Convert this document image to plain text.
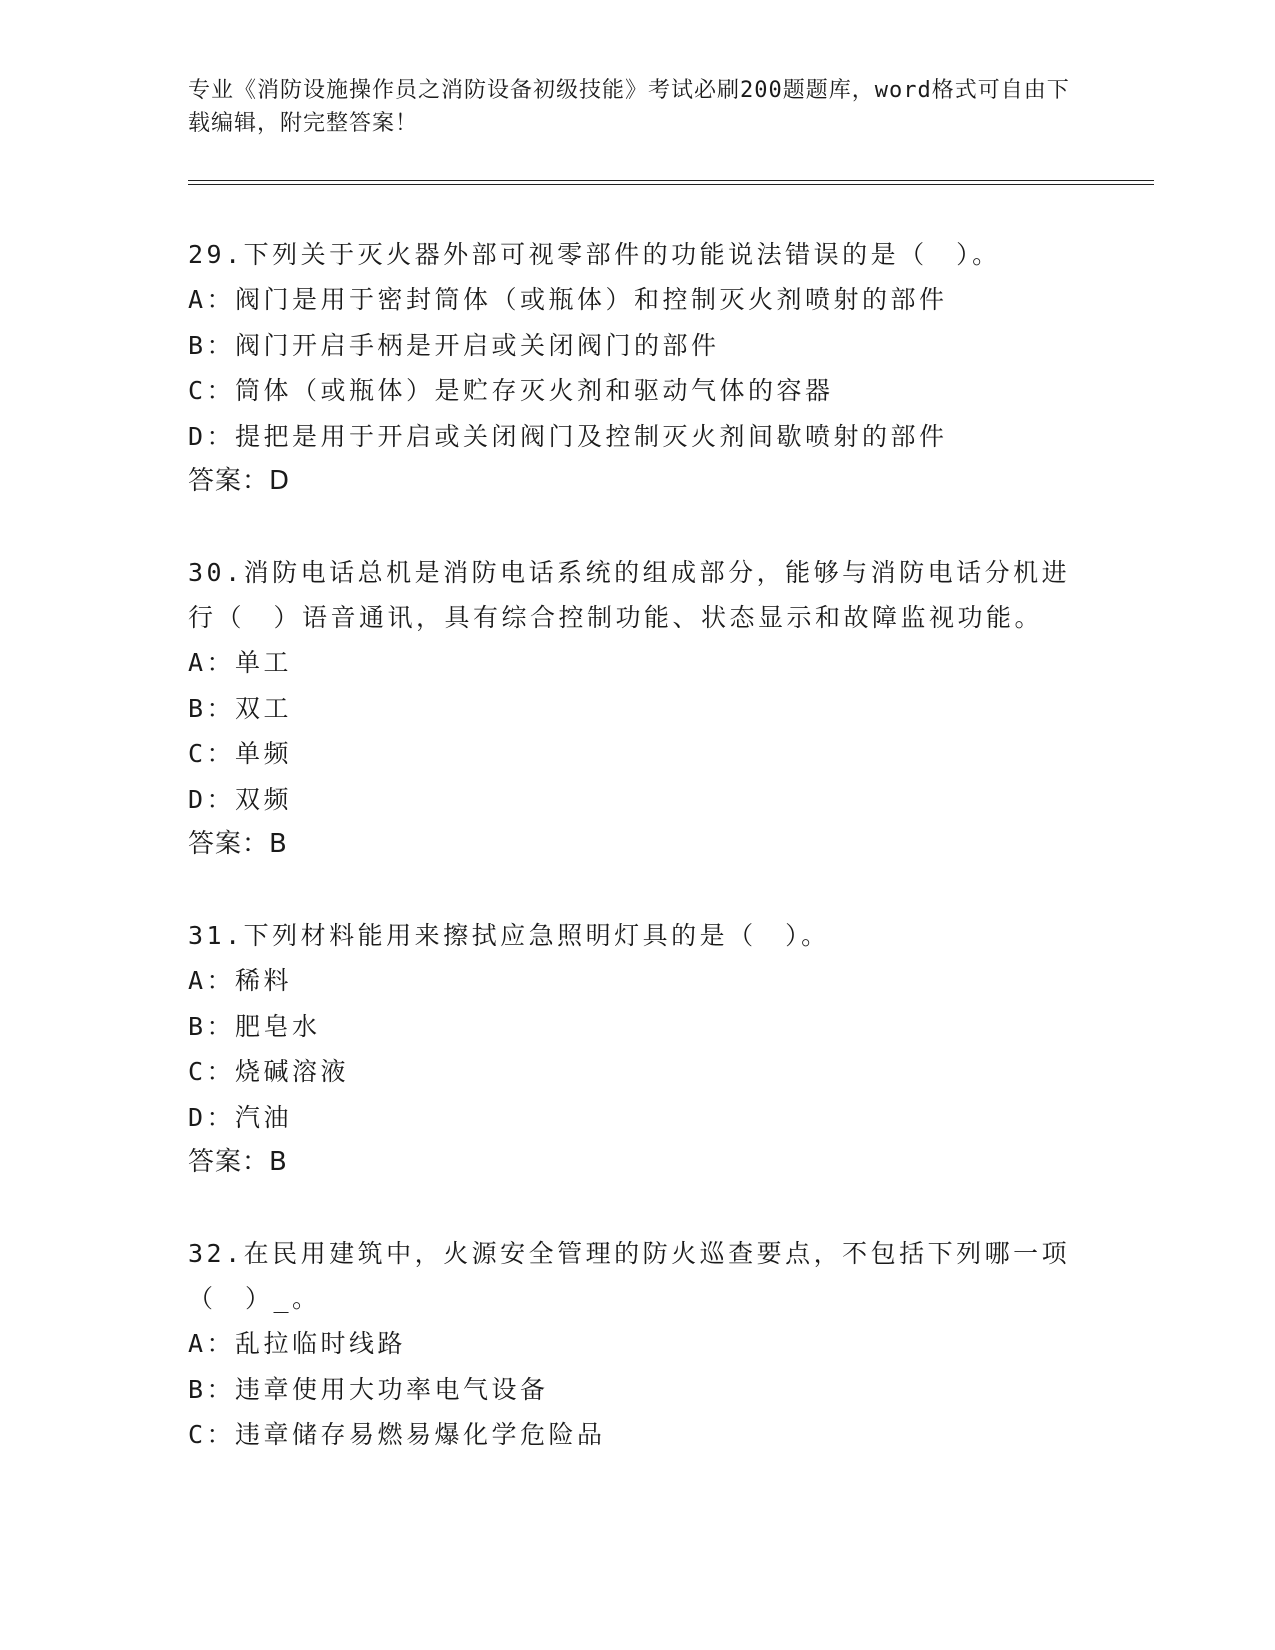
专业《消防设施操作员之消防设备初级技能》考试必刷200题题库，word格式可自由下载编辑，附完整答案！
29.下列关于灭火器外部可视零部件的功能说法错误的是（　）。
A：阀门是用于密封筒体（或瓶体）和控制灭火剂喷射的部件
B：阀门开启手柄是开启或关闭阀门的部件
C：筒体（或瓶体）是贮存灭火剂和驱动气体的容器
D：提把是用于开启或关闭阀门及控制灭火剂间歇喷射的部件
答案：D
30.消防电话总机是消防电话系统的组成部分，能够与消防电话分机进行（　）语音通讯，具有综合控制功能、状态显示和故障监视功能。
A：单工
B：双工
C：单频
D：双频
答案：B
31.下列材料能用来擦拭应急照明灯具的是（　）。
A：稀料
B：肥皂水
C：烧碱溶液
D：汽油
答案：B
32.在民用建筑中，火源安全管理的防火巡查要点，不包括下列哪一项（　）_。
A：乱拉临时线路
B：违章使用大功率电气设备
C：违章储存易燃易爆化学危险品
